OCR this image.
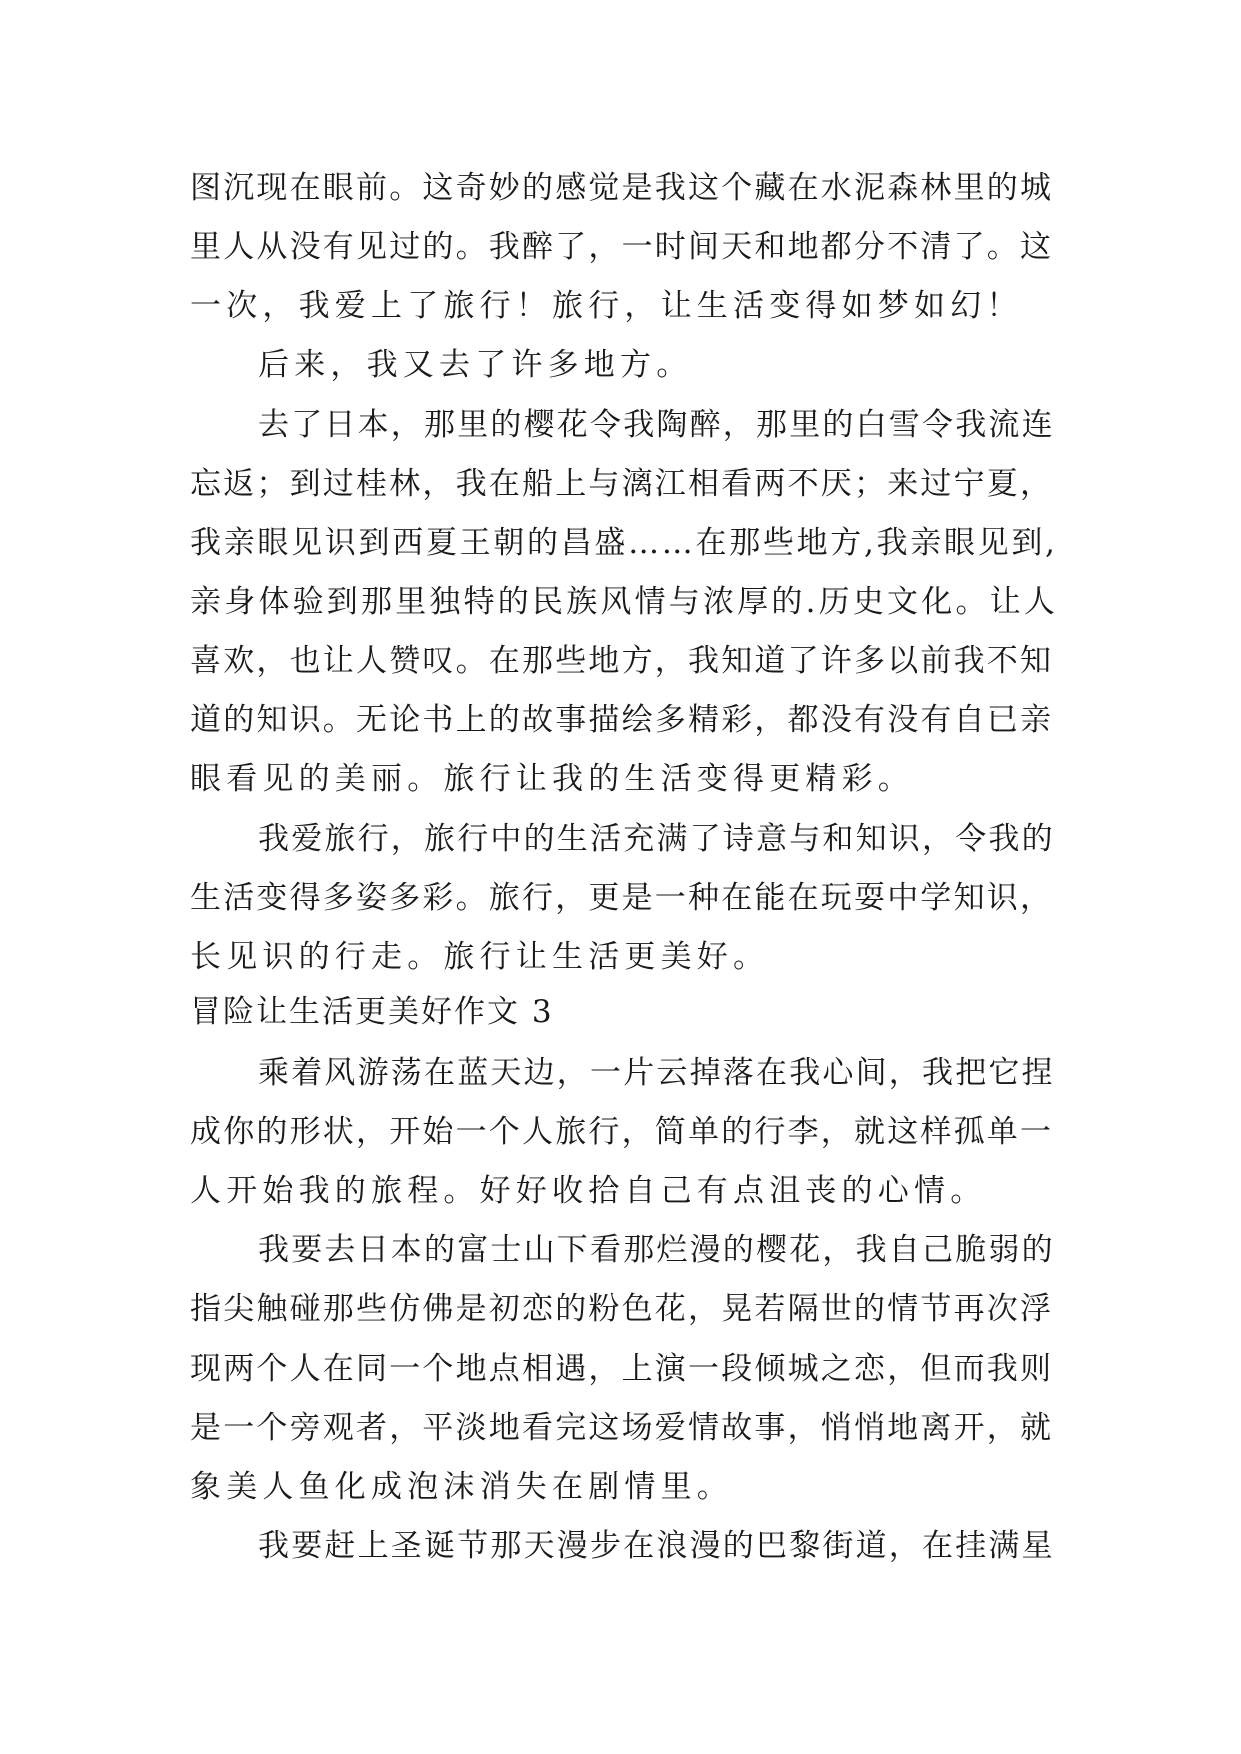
图沉现在眼前。这奇妙的感觉是我这个藏在水泥森林里的城

里人从没有见过的。我醉了，一时间天和地都分不清了。这

一次，我爱上了旅行！旅行，让生活变得如梦如幻！

后来，我又去了许多地方。

去了日本，那里的樱花令我陶醉，那里的白雪令我流连

忘返；到过桂林，我在船上与漓江相看两不厌；来过宁夏，

我亲眼见识到西夏王朝的昌盛……在那些地方,我亲眼见到,

亲身体验到那里独特的民族风情与浓厚的.历史文化。让人

喜欢，也让人赞叹。在那些地方，我知道了许多以前我不知

道的知识。无论书上的故事描绘多精彩，都没有没有自已亲

眼看见的美丽。旅行让我的生活变得更精彩。

我爱旅行，旅行中的生活充满了诗意与和知识，令我的

生活变得多姿多彩。旅行，更是一种在能在玩耍中学知识，

长见识的行走。旅行让生活更美好。

冒险让生活更美好作文 3

乘着风游荡在蓝天边，一片云掉落在我心间，我把它捏

成你的形状，开始一个人旅行，简单的行李，就这样孤单一

人开始我的旅程。好好收拾自己有点沮丧的心情。

我要去日本的富士山下看那烂漫的樱花，我自己脆弱的

指尖触碰那些仿佛是初恋的粉色花，晃若隔世的情节再次浮

现两个人在同一个地点相遇，上演一段倾城之恋，但而我则

是一个旁观者，平淡地看完这场爱情故事，悄悄地离开，就

象美人鱼化成泡沫消失在剧情里。

我要赶上圣诞节那天漫步在浪漫的巴黎街道，在挂满星
